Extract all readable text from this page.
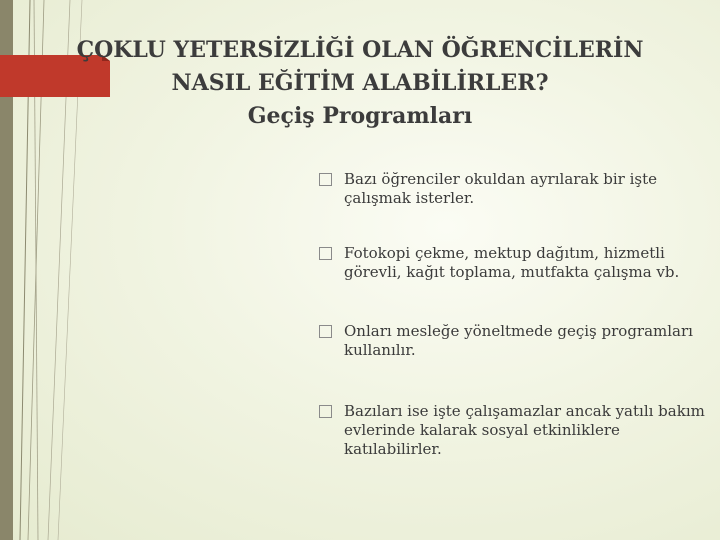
ÇOKLU YETERSİZLİĞİ OLAN ÖĞRENCİLERİN
NASIL EĞİTİM ALABİLİRLER?
Geçiş Programları
Bazı öğrenciler okuldan ayrılarak bir işte çalışmak isterler.
Fotokopi çekme, mektup dağıtım, hizmetli görevli, kağıt toplama, mutfakta çalışma vb.
Onları mesleğe yöneltmede geçiş programları kullanılır.
Bazıları ise işte çalışamazlar ancak yatılı bakım evlerinde kalarak sosyal etkinliklere katılabilirler.
